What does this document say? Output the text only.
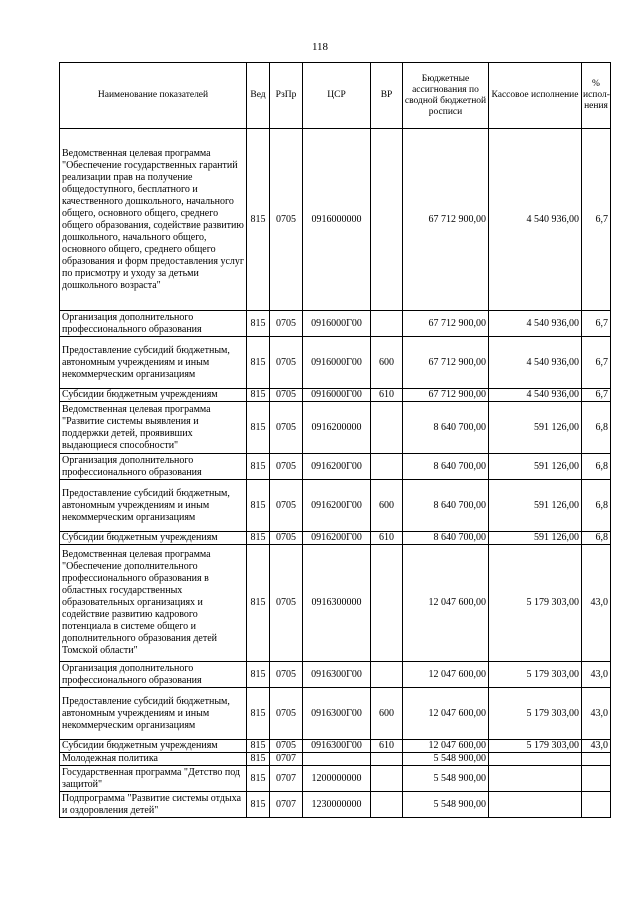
118
Наименование показателей	Вед	РзПр	ЦСР	ВР	Бюджетные ассигнования по сводной бюджетной росписи	Кассовое исполнение	% испол-нения
Ведомственная целевая программа "Обеспечение государственных гарантий реализации прав на получение общедоступного, бесплатного и качественного дошкольного, начального общего, основного общего, среднего общего образования, содействие развитию дошкольного, начального общего, основного общего, среднего общего образования и форм предоставления услуг по присмотру и уходу за детьми дошкольного возраста"	815	0705	0916000000		67 712 900,00	4 540 936,00	6,7
Организация дополнительного профессионального образования	815	0705	0916000Г00		67 712 900,00	4 540 936,00	6,7
Предоставление субсидий бюджетным, автономным учреждениям и иным некоммерческим организациям	815	0705	0916000Г00	600	67 712 900,00	4 540 936,00	6,7
Субсидии бюджетным учреждениям	815	0705	0916000Г00	610	67 712 900,00	4 540 936,00	6,7
Ведомственная целевая программа "Развитие системы выявления и поддержки детей, проявивших выдающиеся способности"	815	0705	0916200000		8 640 700,00	591 126,00	6,8
Организация дополнительного профессионального образования	815	0705	0916200Г00		8 640 700,00	591 126,00	6,8
Предоставление субсидий бюджетным, автономным учреждениям и иным некоммерческим организациям	815	0705	0916200Г00	600	8 640 700,00	591 126,00	6,8
Субсидии бюджетным учреждениям	815	0705	0916200Г00	610	8 640 700,00	591 126,00	6,8
Ведомственная целевая программа "Обеспечение дополнительного профессионального образования в областных государственных образовательных организациях и содействие развитию кадрового потенциала в системе общего и дополнительного образования детей Томской области"	815	0705	0916300000		12 047 600,00	5 179 303,00	43,0
Организация дополнительного профессионального образования	815	0705	0916300Г00		12 047 600,00	5 179 303,00	43,0
Предоставление субсидий бюджетным, автономным учреждениям и иным некоммерческим организациям	815	0705	0916300Г00	600	12 047 600,00	5 179 303,00	43,0
Субсидии бюджетным учреждениям	815	0705	0916300Г00	610	12 047 600,00	5 179 303,00	43,0
Молодежная политика	815	0707			5 548 900,00		
Государственная программа "Детство под защитой"	815	0707	1200000000		5 548 900,00		
Подпрограмма "Развитие системы отдыха и оздоровления детей"	815	0707	1230000000		5 548 900,00		
